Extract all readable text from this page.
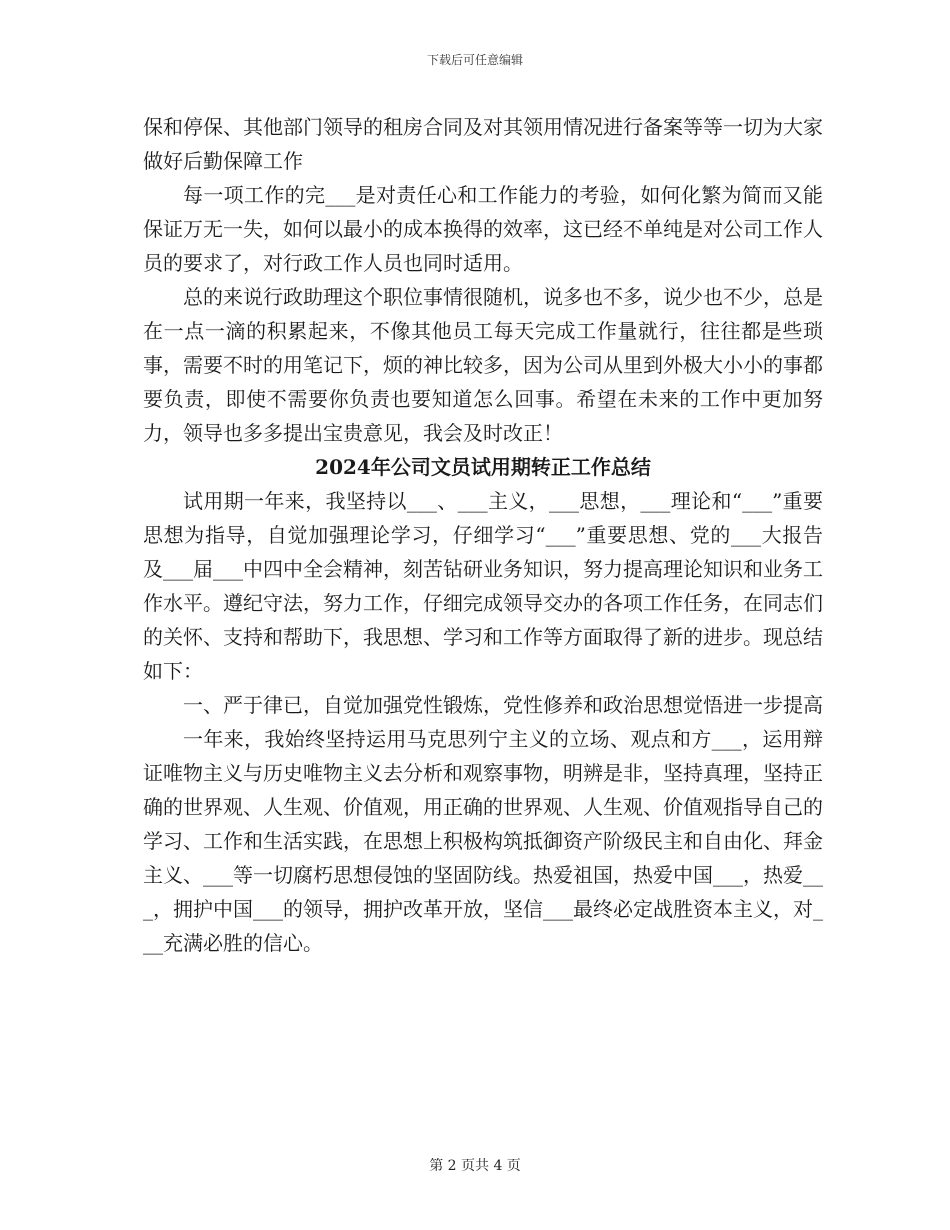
下载后可任意编辑

保和停保、其他部门领导的租房合同及对其领用情况进行备案等等一切为大家做好后勤保障工作

每一项工作的完___是对责任心和工作能力的考验，如何化繁为简而又能保证万无一失，如何以最小的成本换得的效率，这已经不单纯是对公司工作人员的要求了，对行政工作人员也同时适用。

总的来说行政助理这个职位事情很随机，说多也不多，说少也不少，总是在一点一滴的积累起来，不像其他员工每天完成工作量就行，往往都是些琐事，需要不时的用笔记下，烦的神比较多，因为公司从里到外极大小小的事都要负责，即使不需要你负责也要知道怎么回事。希望在未来的工作中更加努力，领导也多多提出宝贵意见，我会及时改正！

2024年公司文员试用期转正工作总结

试用期一年来，我坚持以___、___主义，___思想，___理论和“___”重要思想为指导，自觉加强理论学习，仔细学习“___”重要思想、党的___大报告及___届___中四中全会精神，刻苦钻研业务知识，努力提高理论知识和业务工作水平。遵纪守法，努力工作，仔细完成领导交办的各项工作任务，在同志们的关怀、支持和帮助下，我思想、学习和工作等方面取得了新的进步。现总结如下：

一、严于律已，自觉加强党性锻炼，党性修养和政治思想觉悟进一步提高

一年来，我始终坚持运用马克思列宁主义的立场、观点和方___，运用辩证唯物主义与历史唯物主义去分析和观察事物，明辨是非，坚持真理，坚持正确的世界观、人生观、价值观，用正确的世界观、人生观、价值观指导自己的学习、工作和生活实践，在思想上积极构筑抵御资产阶级民主和自由化、拜金主义、___等一切腐朽思想侵蚀的坚固防线。热爱祖国，热爱中国___，热爱___，拥护中国___的领导，拥护改革开放，坚信___最终必定战胜资本主义，对___充满必胜的信心。

第 2 页共 4 页
